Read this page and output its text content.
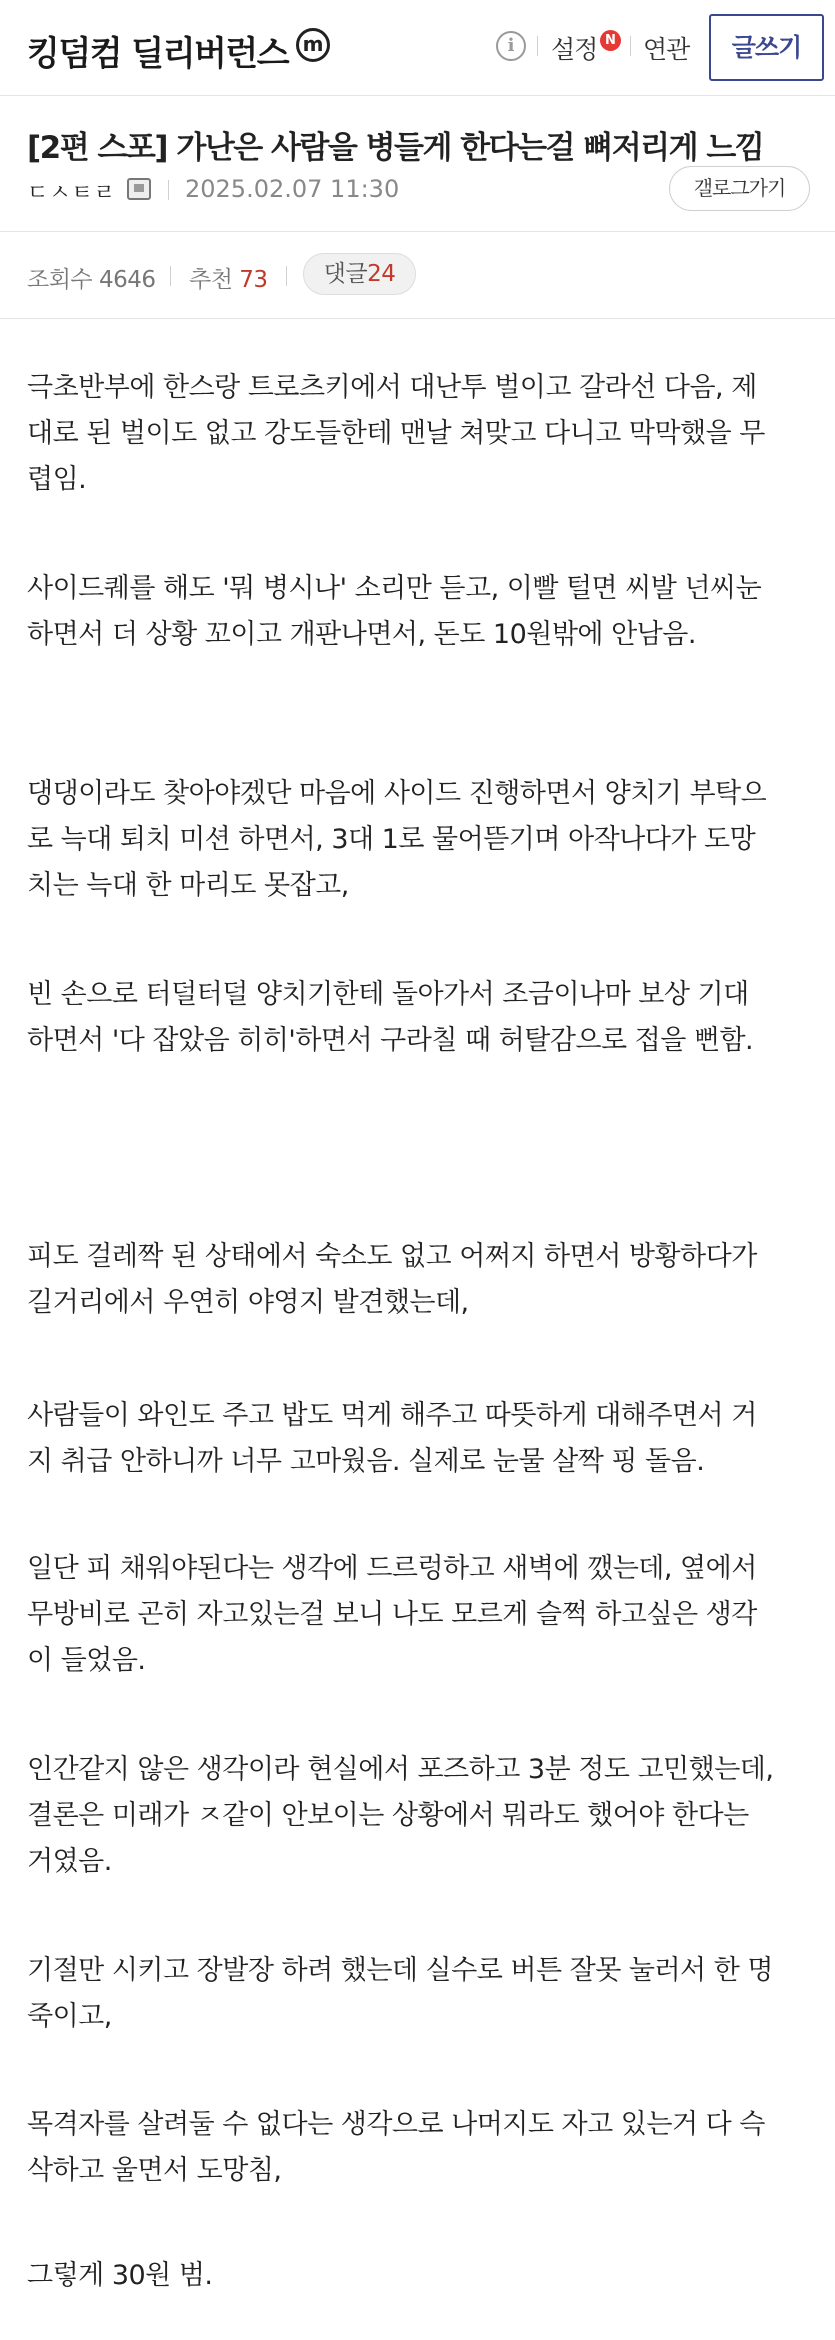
킹덤컴 딜리버런스 m	i	설정 N 연관	글쓰기
[2편 스포] 가난은 사람을 병들게 한다는걸 뼈저리게 느낌
ㄷㅅㅌㄹ	2025.02.07 11:30	갤로그가기
조회수 4646 추천 73	댓글24
극초반부에 한스랑 트로츠키에서 대난투 벌이고 갈라선 다음, 제
대로 된 벌이도 없고 강도들한테 맨날 쳐맞고 다니고 막막했을 무
렵임.
사이드퀘를 해도 '뭐 병시나' 소리만 듣고, 이빨 털면 씨발 넌씨눈
하면서 더 상황 꼬이고 개판나면서, 돈도 10원밖에 안남음.
댕댕이라도 찾아야겠단 마음에 사이드 진행하면서 양치기 부탁으
로 늑대 퇴치 미션 하면서, 3대 1로 물어뜯기며 아작나다가 도망
치는 늑대 한 마리도 못잡고,
빈 손으로 터덜터덜 양치기한테 돌아가서 조금이나마 보상 기대
하면서 '다 잡았음 히히'하면서 구라칠 때 허탈감으로 접을 뻔함.
피도 걸레짝 된 상태에서 숙소도 없고 어쩌지 하면서 방황하다가
길거리에서 우연히 야영지 발견했는데,
사람들이 와인도 주고 밥도 먹게 해주고 따뜻하게 대해주면서 거
지 취급 안하니까 너무 고마웠음. 실제로 눈물 살짝 핑 돌음.
일단 피 채워야된다는 생각에 드르렁하고 새벽에 깼는데, 옆에서
무방비로 곤히 자고있는걸 보니 나도 모르게 슬쩍 하고싶은 생각
이 들었음.
인간같지 않은 생각이라 현실에서 포즈하고 3분 정도 고민했는데,
결론은 미래가 ㅈ같이 안보이는 상황에서 뭐라도 했어야 한다는
거였음.
기절만 시키고 장발장 하려 했는데 실수로 버튼 잘못 눌러서 한 명
죽이고,
목격자를 살려둘 수 없다는 생각으로 나머지도 자고 있는거 다 슥
삭하고 울면서 도망침,
그렇게 30원 범.
